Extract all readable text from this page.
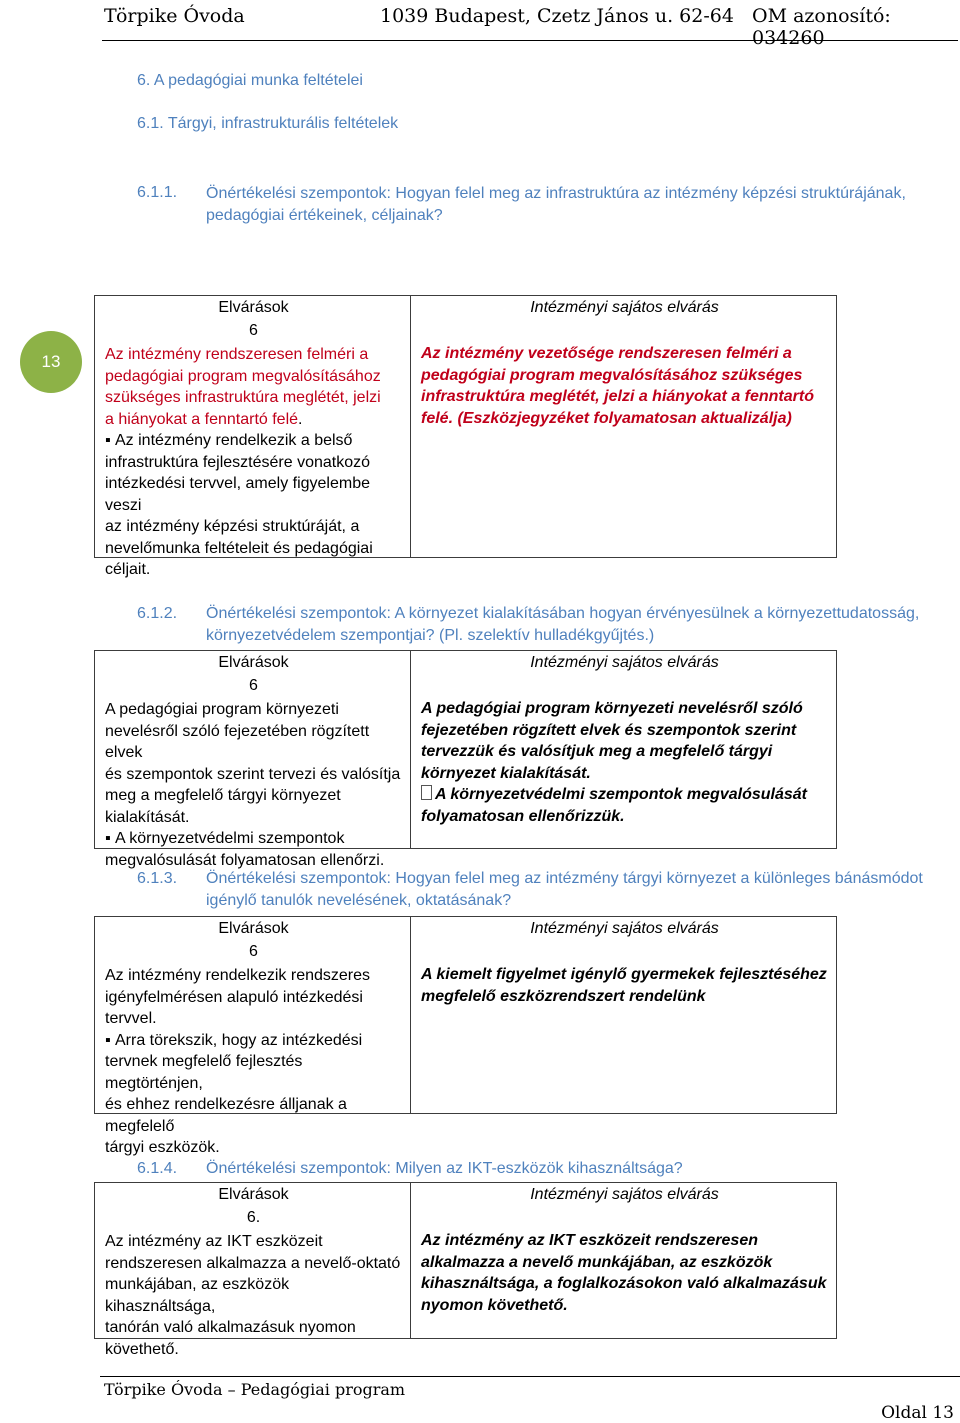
Törpike Óvoda	1039 Budapest, Czetz János u. 62-64 OM azonosító: 034260
13
6. A pedagógiai munka feltételei
6.1. Tárgyi, infrastrukturális feltételek
6.1.1. Önértékelési szempontok: Hogyan felel meg az infrastruktúra az intézmény képzési struktúrájának,
pedagógiai értékeinek, céljainak?
Elvárások
6
Az intézmény rendszeresen felméri a
pedagógiai program megvalósításához
szükséges infrastruktúra meglétét, jelzi
a hiányokat a fenntartó felé.
▪ Az intézmény rendelkezik a belső
infrastruktúra fejlesztésére vonatkozó
intézkedési tervvel, amely figyelembe veszi
az intézmény képzési struktúráját, a
nevelőmunka feltételeit és pedagógiai
céljait.
Intézményi sajátos elvárás
Az intézmény vezetősége rendszeresen felméri a
pedagógiai program megvalósításához szükséges
infrastruktúra meglétét, jelzi a hiányokat a fenntartó
felé. (Eszközjegyzéket folyamatosan aktualizálja)
6.1.2. Önértékelési szempontok: A környezet kialakításában hogyan érvényesülnek a környezettudatosság,
környezetvédelem szempontjai? (Pl. szelektív hulladékgyűjtés.)
Elvárások
6
A pedagógiai program környezeti
nevelésről szóló fejezetében rögzített elvek
és szempontok szerint tervezi és valósítja
meg a megfelelő tárgyi környezet
kialakítását.
▪ A környezetvédelmi szempontok
megvalósulását folyamatosan ellenőrzi.
Intézményi sajátos elvárás
A pedagógiai program környezeti nevelésről szóló
fejezetében rögzített elvek és szempontok szerint
tervezzük és valósítjuk meg a megfelelő tárgyi
környezet kialakítását.
A környezetvédelmi szempontok megvalósulását
folyamatosan ellenőrizzük.
6.1.3. Önértékelési szempontok: Hogyan felel meg az intézmény tárgyi környezet a különleges bánásmódot
igénylő tanulók nevelésének, oktatásának?
Elvárások
6
Az intézmény rendelkezik rendszeres
igényfelmérésen alapuló intézkedési
tervvel.
▪ Arra törekszik, hogy az intézkedési
tervnek megfelelő fejlesztés megtörténjen,
és ehhez rendelkezésre álljanak a megfelelő
tárgyi eszközök.
Intézményi sajátos elvárás
A kiemelt figyelmet igénylő gyermekek fejlesztéséhez
megfelelő eszközrendszert rendelünk
6.1.4. Önértékelési szempontok: Milyen az IKT-eszközök kihasználtsága?
Elvárások
6.
Az intézmény az IKT eszközeit
rendszeresen alkalmazza a nevelő-oktató
munkájában, az eszközök kihasználtsága,
tanórán való alkalmazásuk nyomon
követhető.
Intézményi sajátos elvárás
Az intézmény az IKT eszközeit rendszeresen
alkalmazza a nevelő munkájában, az eszközök
kihasználtsága, a foglalkozásokon való alkalmazásuk
nyomon követhető.
Törpike Óvoda – Pedagógiai program
Oldal 13
